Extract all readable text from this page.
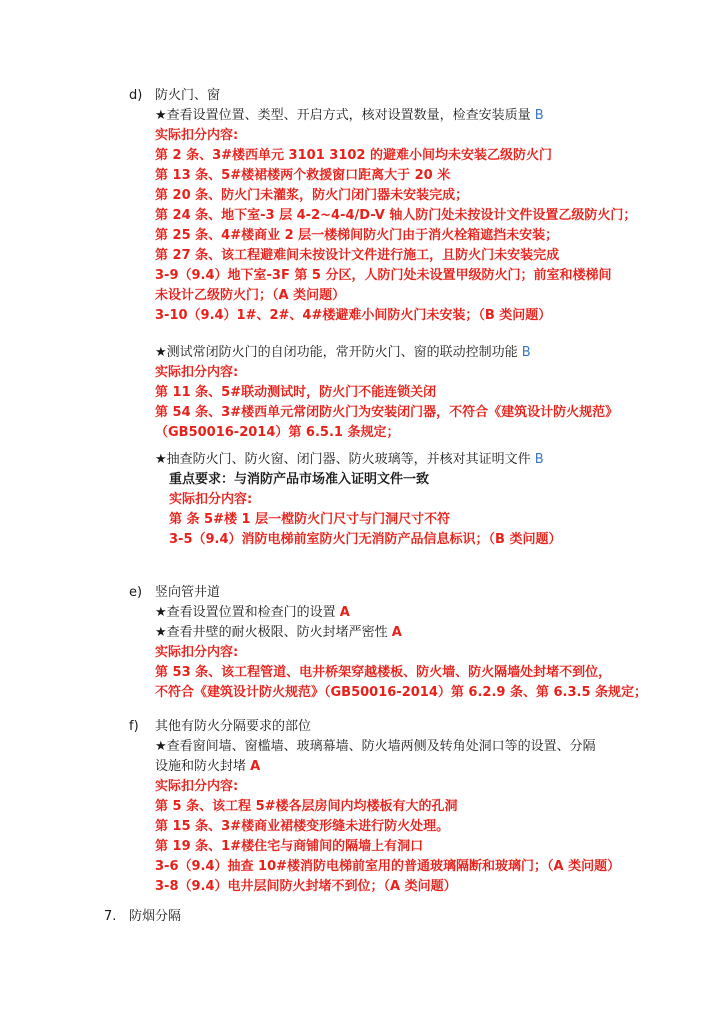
d) 防火门、窗
★查看设置位置、类型、开启方式，核对设置数量，检查安装质量 B
实际扣分内容:
第 2 条、3#楼西单元 3101 3102 的避难小间均未安装乙级防火门
第 13 条、5#楼裙楼两个救援窗口距离大于 20 米
第 20 条、防火门未灌浆，防火门闭门器未安装完成；
第 24 条、地下室-3 层 4-2~4-4/D-V 轴人防门处未按设计文件设置乙级防火门；
第 25 条、4#楼商业 2 层一楼梯间防火门由于消火栓箱遮挡未安装；
第 27 条、该工程避难间未按设计文件进行施工，且防火门未安装完成
3-9（9.4）地下室-3F 第 5 分区，人防门处未设置甲级防火门；前室和楼梯间
未设计乙级防火门；（A 类问题）
3-10（9.4）1#、2#、4#楼避难小间防火门未安装；（B 类问题）
★测试常闭防火门的自闭功能，常开防火门、窗的联动控制功能 B
实际扣分内容:
第 11 条、5#联动测试时，防火门不能连锁关闭
第 54 条、3#楼西单元常闭防火门为安装闭门器，不符合《建筑设计防火规范》
（GB50016-2014）第 6.5.1 条规定；
★抽查防火门、防火窗、闭门器、防火玻璃等，并核对其证明文件 B
重点要求：与消防产品市场准入证明文件一致
实际扣分内容:
第 条 5#楼 1 层一樘防火门尺寸与门洞尺寸不符
3-5（9.4）消防电梯前室防火门无消防产品信息标识；（B 类问题）
e) 竖向管井道
★查看设置位置和检查门的设置 A
★查看井壁的耐火极限、防火封堵严密性 A
实际扣分内容:
第 53 条、该工程管道、电井桥架穿越楼板、防火墙、防火隔墙处封堵不到位，
不符合《建筑设计防火规范》（GB50016-2014）第 6.2.9 条、第 6.3.5 条规定；
f) 其他有防火分隔要求的部位
★查看窗间墙、窗槛墙、玻璃幕墙、防火墙两侧及转角处洞口等的设置、分隔
设施和防火封堵 A
实际扣分内容:
第 5 条、该工程 5#楼各层房间内均楼板有大的孔洞
第 15 条、3#楼商业裙楼变形缝未进行防火处理。
第 19 条、1#楼住宅与商铺间的隔墙上有洞口
3-6（9.4）抽查 10#楼消防电梯前室用的普通玻璃隔断和玻璃门；（A 类问题）
3-8（9.4）电井层间防火封堵不到位；（A 类问题）
7. 防烟分隔
